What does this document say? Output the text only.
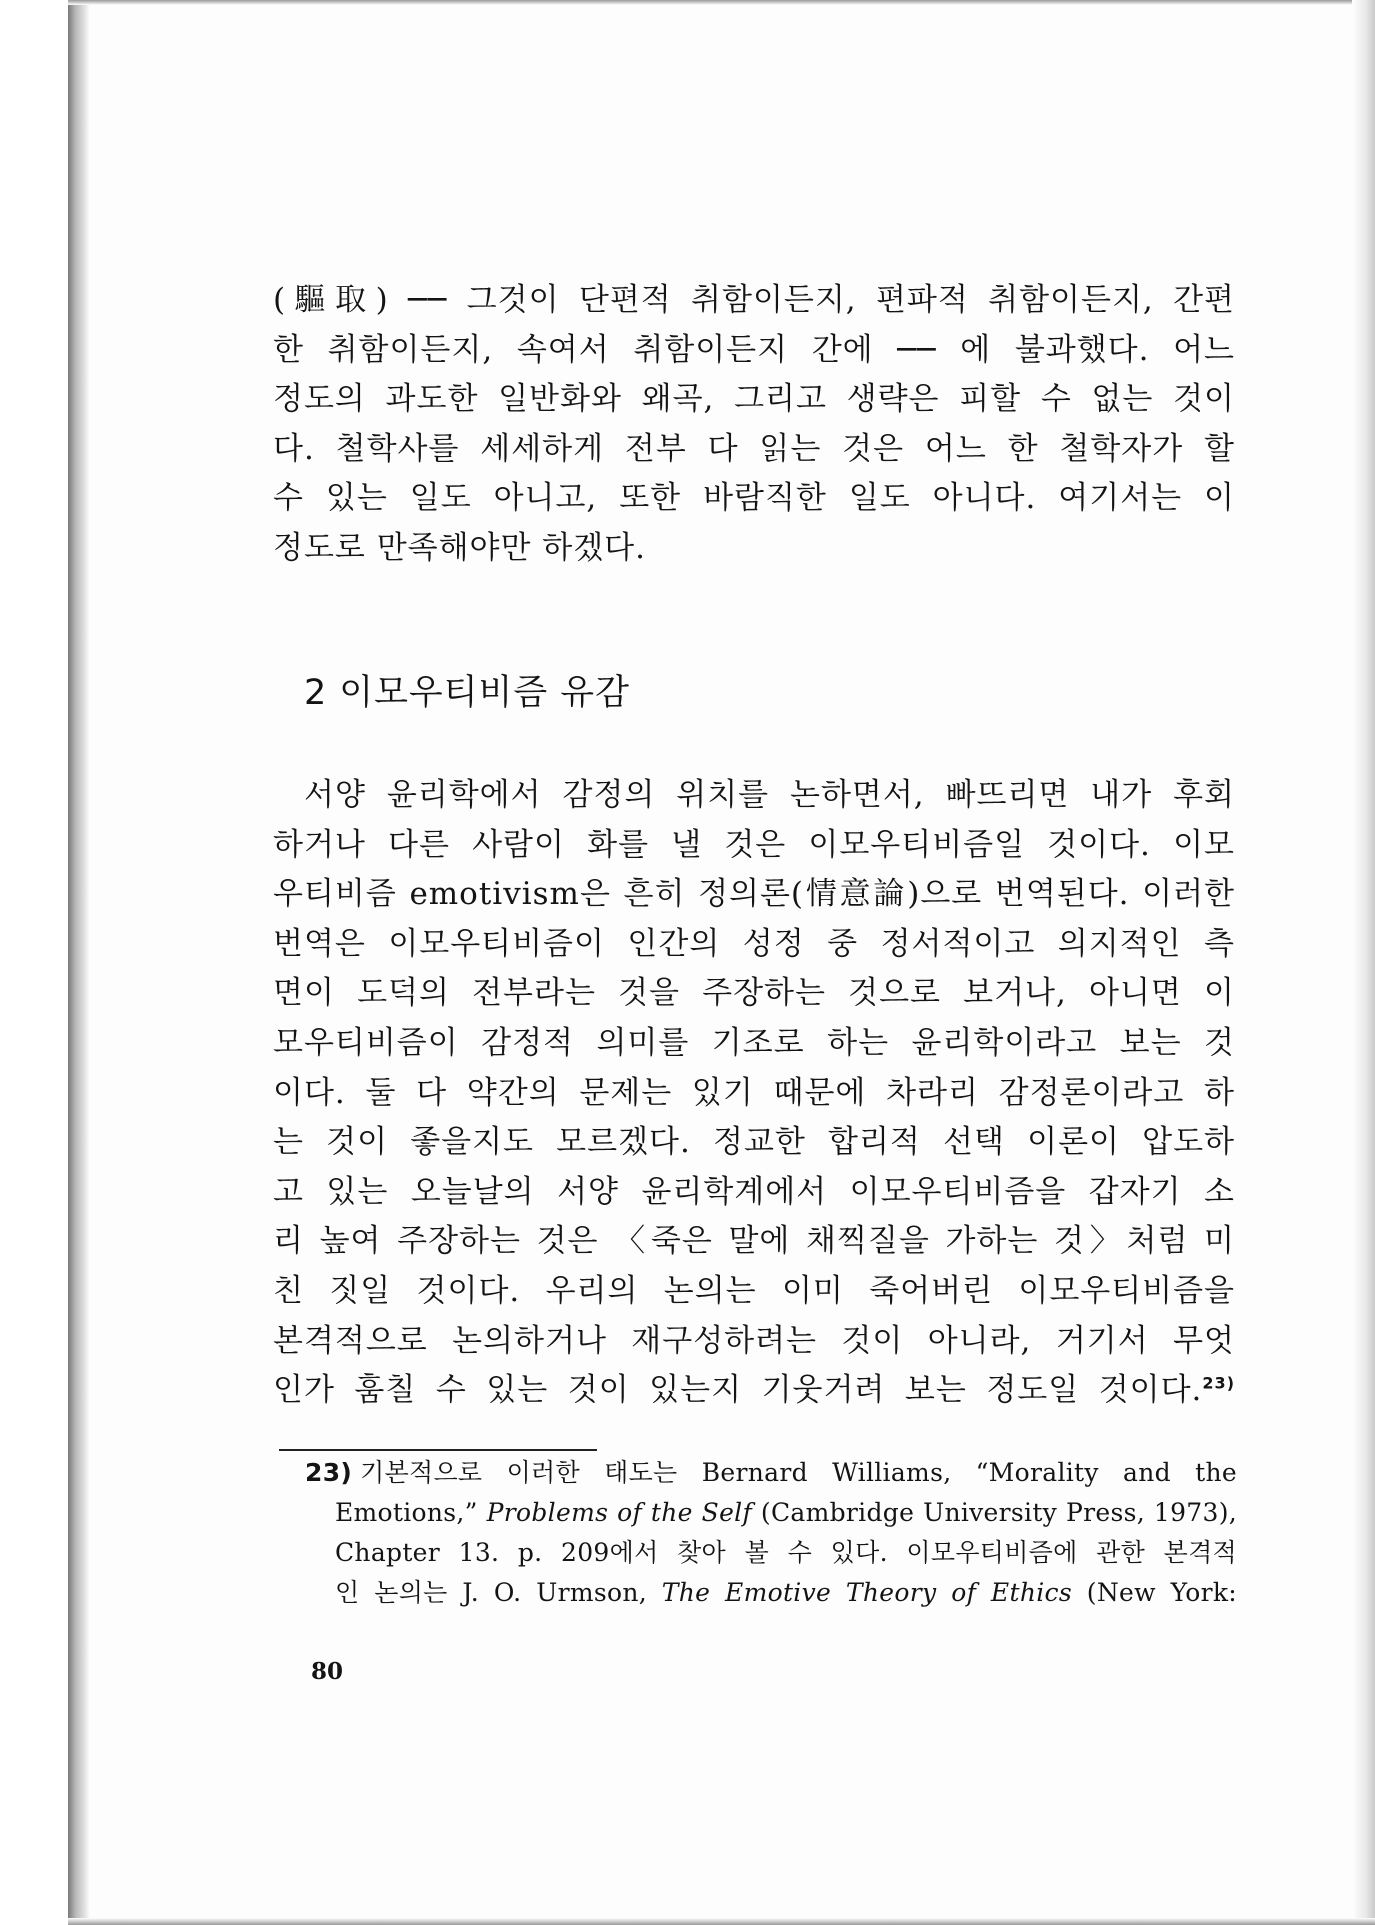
(驅取) ── 그것이 단편적 취함이든지, 편파적 취함이든지, 간편
한 취함이든지, 속여서 취함이든지 간에 ── 에 불과했다. 어느
정도의 과도한 일반화와 왜곡, 그리고 생략은 피할 수 없는 것이
다. 철학사를 세세하게 전부 다 읽는 것은 어느 한 철학자가 할
수 있는 일도 아니고, 또한 바람직한 일도 아니다. 여기서는 이
정도로 만족해야만 하겠다.
2 이모우티비즘 유감
서양 윤리학에서 감정의 위치를 논하면서, 빠뜨리면 내가 후회
하거나 다른 사람이 화를 낼 것은 이모우티비즘일 것이다. 이모
우티비즘 emotivism은 흔히 정의론(情意論)으로 번역된다. 이러한
번역은 이모우티비즘이 인간의 성정 중 정서적이고 의지적인 측
면이 도덕의 전부라는 것을 주장하는 것으로 보거나, 아니면 이
모우티비즘이 감정적 의미를 기조로 하는 윤리학이라고 보는 것
이다. 둘 다 약간의 문제는 있기 때문에 차라리 감정론이라고 하
는 것이 좋을지도 모르겠다. 정교한 합리적 선택 이론이 압도하
고 있는 오늘날의 서양 윤리학계에서 이모우티비즘을 갑자기 소
리 높여 주장하는 것은 〈죽은 말에 채찍질을 가하는 것〉처럼 미
친 짓일 것이다. 우리의 논의는 이미 죽어버린 이모우티비즘을
본격적으로 논의하거나 재구성하려는 것이 아니라, 거기서 무엇
인가 훔칠 수 있는 것이 있는지 기웃거려 보는 정도일 것이다.$^{23)}$
23) 기본적으로 이러한 태도는 Bernard Williams, “Morality and the
Emotions,” Problems of the Self (Cambridge University Press, 1973),
Chapter 13. p. 209에서 찾아 볼 수 있다. 이모우티비즘에 관한 본격적
인 논의는 J. O. Urmson, The Emotive Theory of Ethics (New York:
80
